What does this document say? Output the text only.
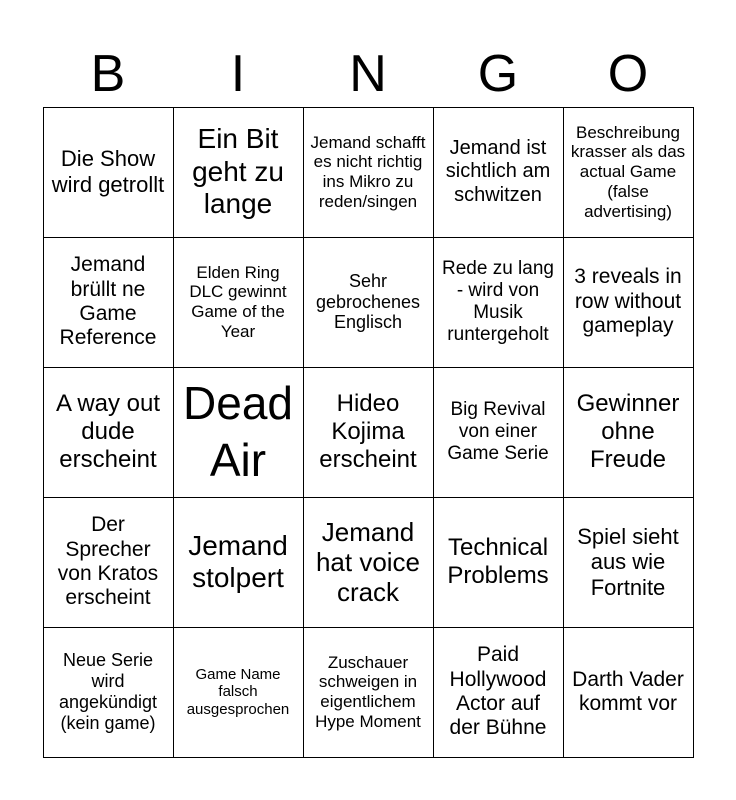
B	I	N	G	O
Die Show wird getrollt
Ein Bit geht zu lange
Jemand schafft es nicht richtig ins Mikro zu reden/singen
Jemand ist sichtlich am schwitzen
Beschreibung krasser als das actual Game (false advertising)
Jemand brüllt ne Game Reference
Elden Ring DLC gewinnt Game of the Year
Sehr gebrochenes Englisch
Rede zu lang - wird von Musik runtergeholt
3 reveals in row without gameplay
A way out dude erscheint
Dead Air
Hideo Kojima erscheint
Big Revival von einer Game Serie
Gewinner ohne Freude
Der Sprecher von Kratos erscheint
Jemand stolpert
Jemand hat voice crack
Technical Problems
Spiel sieht aus wie Fortnite
Neue Serie wird angekündigt (kein game)
Game Name falsch ausgesprochen
Zuschauer schweigen in eigentlichem Hype Moment
Paid Hollywood Actor auf der Bühne
Darth Vader kommt vor
